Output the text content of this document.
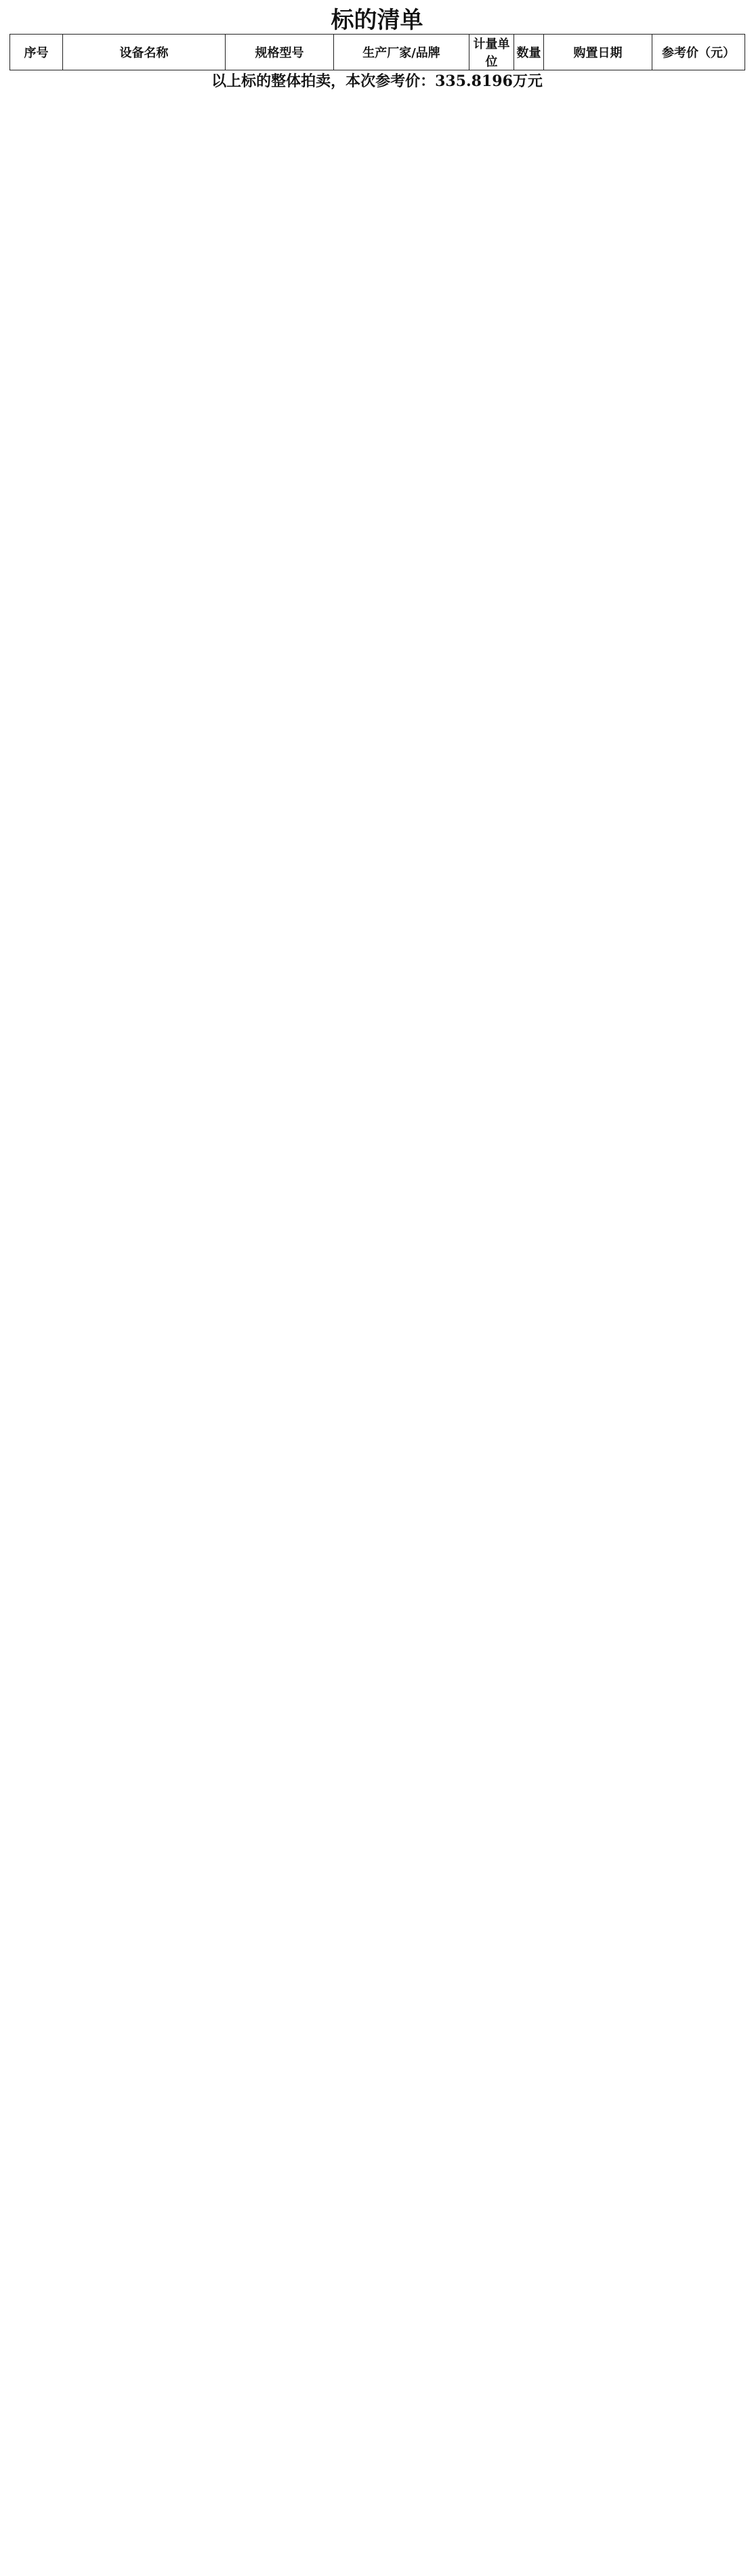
标的清单
序号	设备名称	规格型号	生产厂家/品牌	计量单位	数量	购置日期	参考价（元）
以上标的整体拍卖，本次参考价：335.8196万元
